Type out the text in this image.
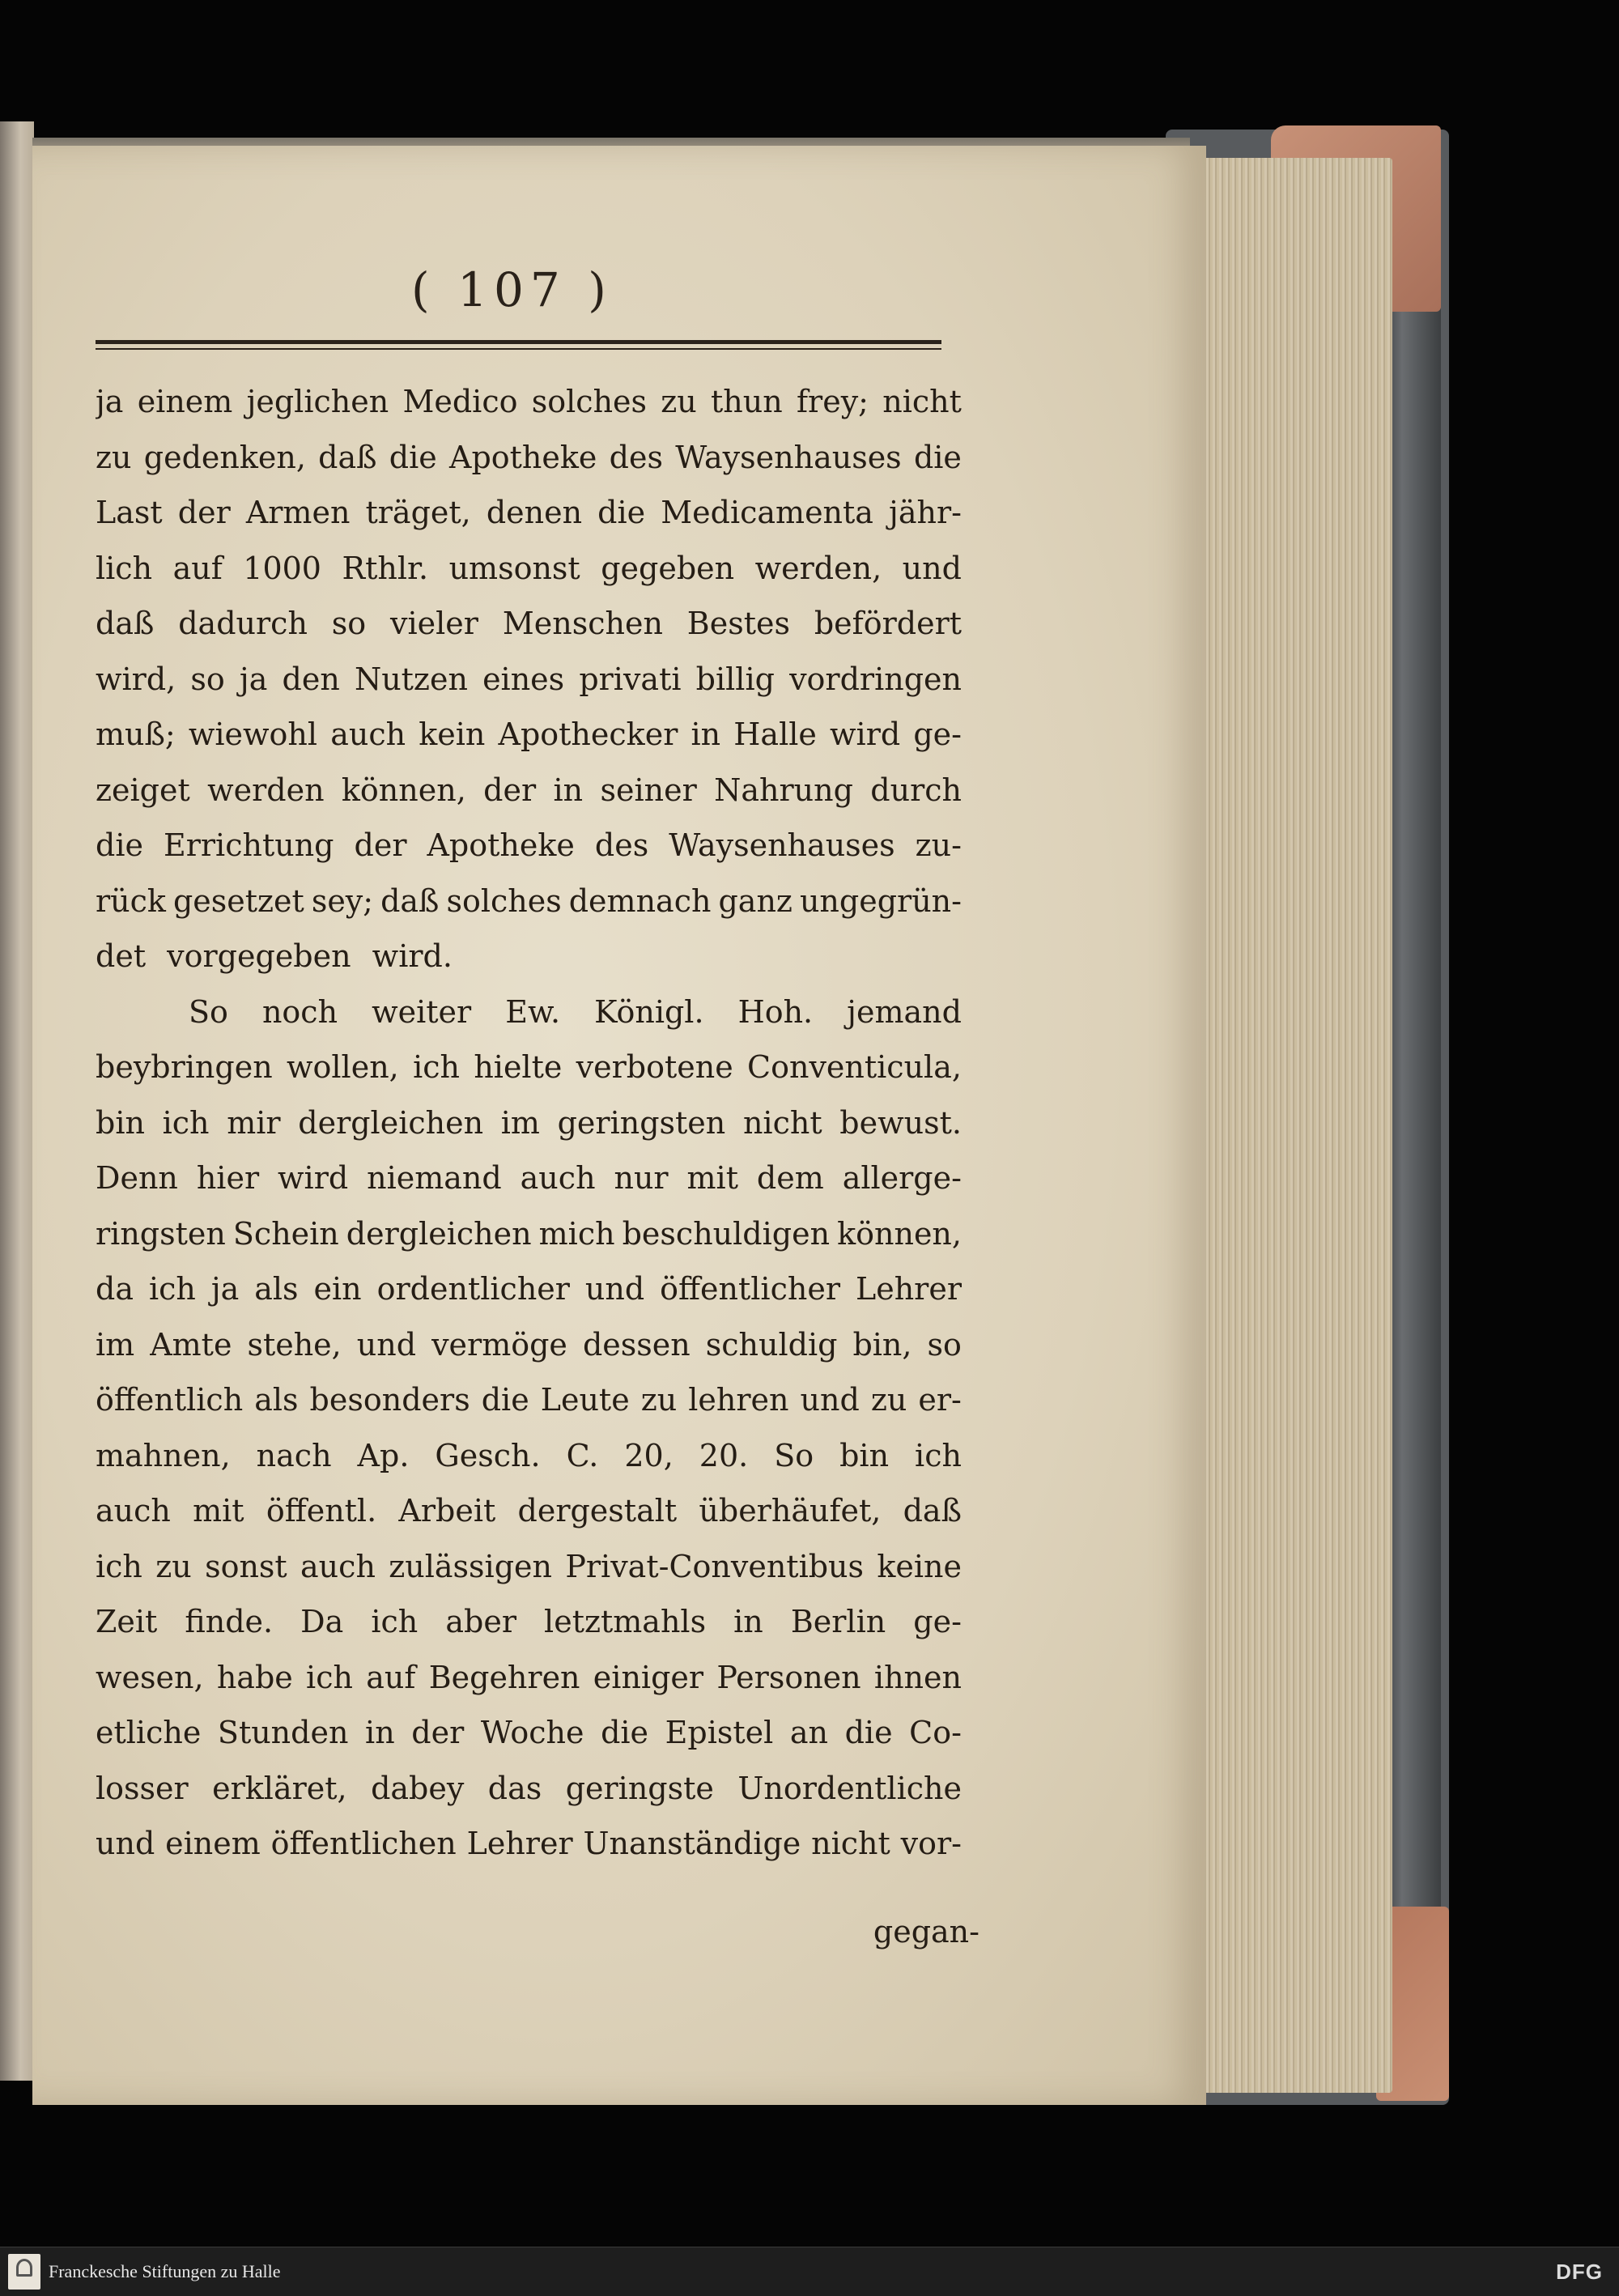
( 107 )
ja einem jeglichen Medico solches zu thun frey; nicht
zu gedenken, daß die Apotheke des Waysenhauses die
Last der Armen träget, denen die Medicamenta jähr-
lich auf 1000 Rthlr. umsonst gegeben werden, und
daß dadurch so vieler Menschen Bestes befördert
wird, so ja den Nutzen eines privati billig vordringen
muß; wiewohl auch kein Apothecker in Halle wird ge-
zeiget werden können, der in seiner Nahrung durch
die Errichtung der Apotheke des Waysenhauses zu-
rück gesetzet sey; daß solches demnach ganz ungegrün-
det vorgegeben wird.
So noch weiter Ew. Königl. Hoh. jemand
beybringen wollen, ich hielte verbotene Conventicula,
bin ich mir dergleichen im geringsten nicht bewust.
Denn hier wird niemand auch nur mit dem allerge-
ringsten Schein dergleichen mich beschuldigen können,
da ich ja als ein ordentlicher und öffentlicher Lehrer
im Amte stehe, und vermöge dessen schuldig bin, so
öffentlich als besonders die Leute zu lehren und zu er-
mahnen, nach Ap. Gesch. C. 20, 20. So bin ich
auch mit öffentl. Arbeit dergestalt überhäufet, daß
ich zu sonst auch zulässigen Privat-Conventibus keine
Zeit finde. Da ich aber letztmahls in Berlin ge-
wesen, habe ich auf Begehren einiger Personen ihnen
etliche Stunden in der Woche die Epistel an die Co-
losser erkläret, dabey das geringste Unordentliche
und einem öffentlichen Lehrer Unanständige nicht vor-
gegan-
Franckesche Stiftungen zu Halle	DFG
